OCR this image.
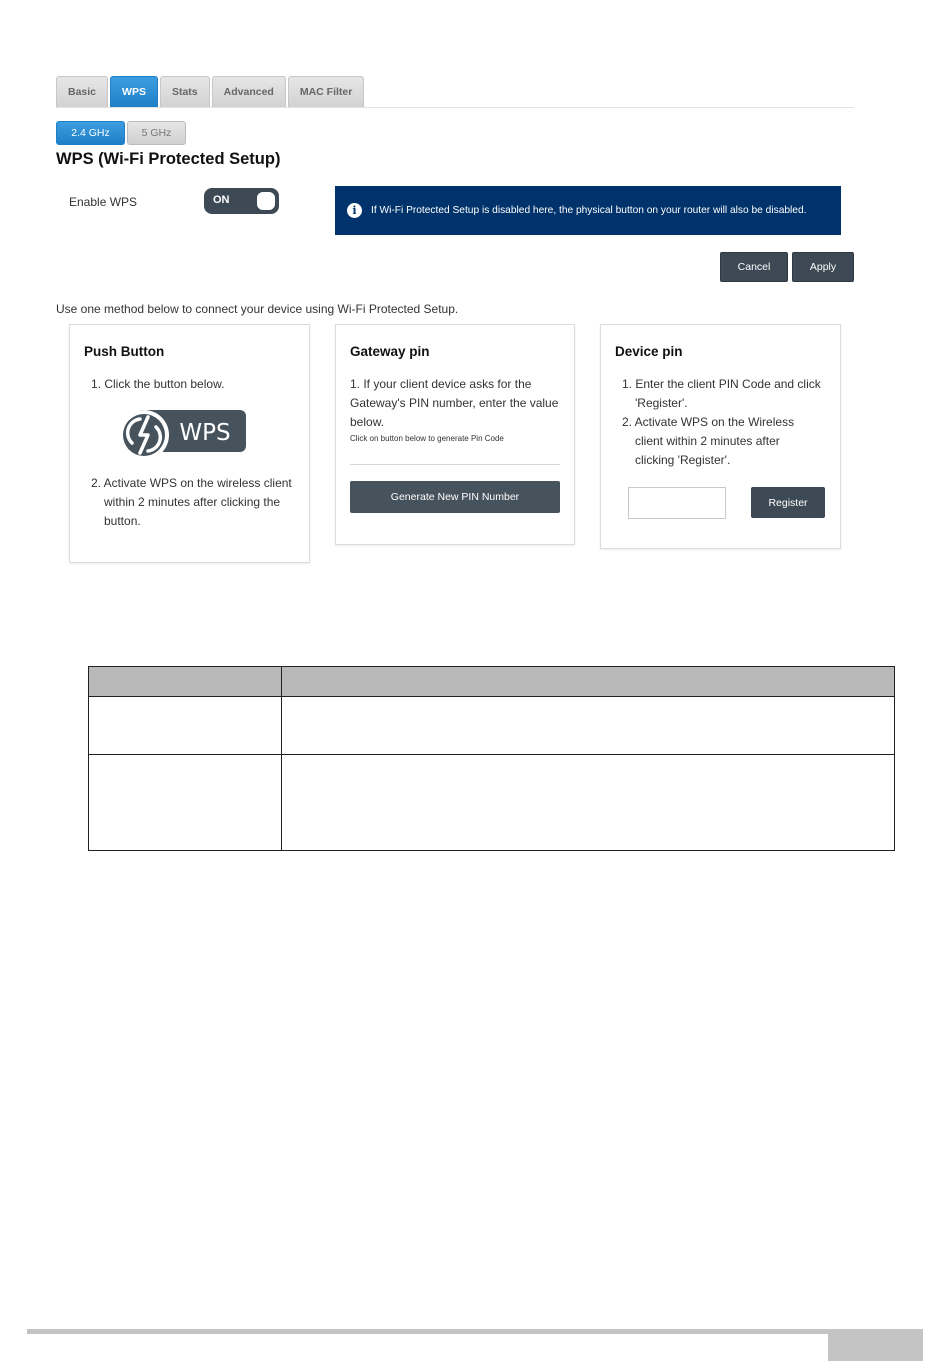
Basic	WPS	Stats	Advanced	MAC Filter
2.4 GHz	5 GHz
WPS (Wi-Fi Protected Setup)
Enable WPS	ON
i	If Wi-Fi Protected Setup is disabled here, the physical button on your router will also be disabled.
Cancel	Apply
Use one method below to connect your device using Wi-Fi Protected Setup.
Push Button
1. Click the button below.
WPS
2. Activate WPS on the wireless client
within 2 minutes after clicking the
button.
Gateway pin
1. If your client device asks for the
Gateway's PIN number, enter the value
below.
Click on button below to generate Pin Code
Generate New PIN Number
Device pin
1. Enter the client PIN Code and click
'Register'.
2. Activate WPS on the Wireless
client within 2 minutes after
clicking 'Register'.
Register
